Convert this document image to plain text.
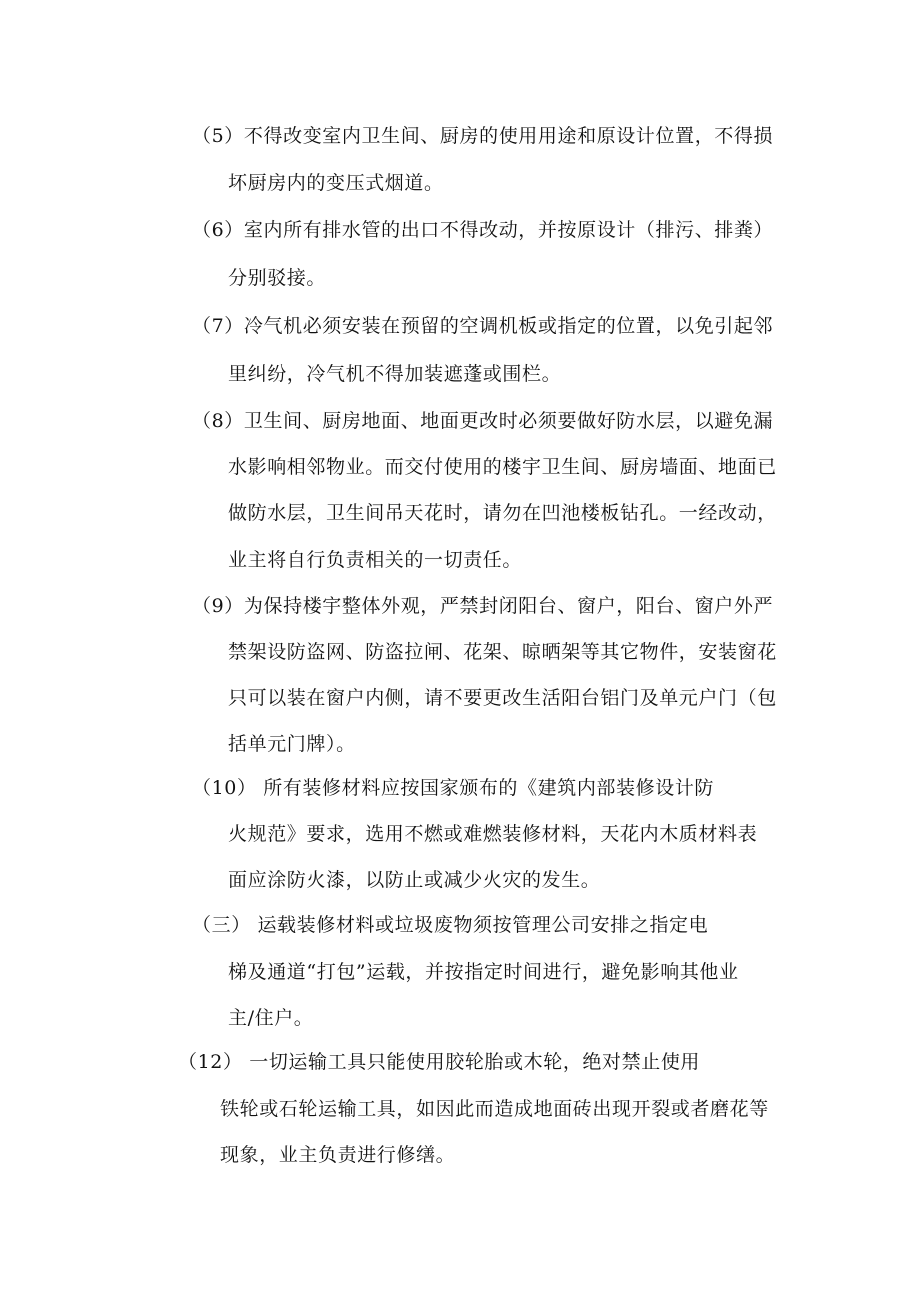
（5）不得改变室内卫生间、厨房的使用用途和原设计位置，不得损
坏厨房内的变压式烟道。
（6）室内所有排水管的出口不得改动，并按原设计（排污、排粪）
分别驳接。
（7）冷气机必须安装在预留的空调机板或指定的位置，以免引起邻
里纠纷，冷气机不得加装遮蓬或围栏。
（8）卫生间、厨房地面、地面更改时必须要做好防水层，以避免漏
水影响相邻物业。而交付使用的楼宇卫生间、厨房墙面、地面已
做防水层，卫生间吊天花时，请勿在凹池楼板钻孔。一经改动，
业主将自行负责相关的一切责任。
（9）为保持楼宇整体外观，严禁封闭阳台、窗户，阳台、窗户外严
禁架设防盗网、防盗拉闸、花架、晾晒架等其它物件，安装窗花
只可以装在窗户内侧，请不要更改生活阳台铝门及单元户门（包
括单元门牌）。
（10） 所有装修材料应按国家颁布的《建筑内部装修设计防
火规范》要求，选用不燃或难燃装修材料，天花内木质材料表
面应涂防火漆，以防止或减少火灾的发生。
（三） 运载装修材料或垃圾废物须按管理公司安排之指定电
梯及通道“打包”运载，并按指定时间进行，避免影响其他业
主/住户。
（12） 一切运输工具只能使用胶轮胎或木轮，绝对禁止使用
铁轮或石轮运输工具，如因此而造成地面砖出现开裂或者磨花等
现象，业主负责进行修缮。
